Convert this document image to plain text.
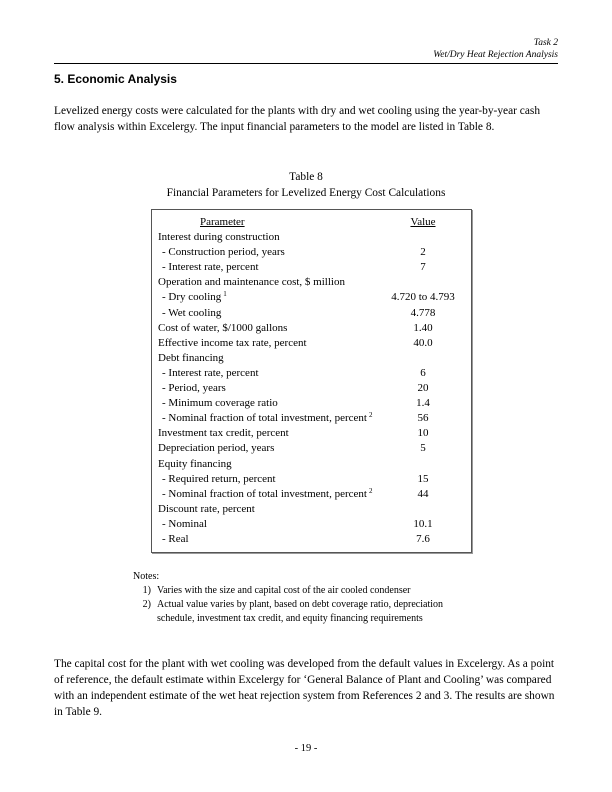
Task 2
Wet/Dry Heat Rejection Analysis
5. Economic Analysis
Levelized energy costs were calculated for the plants with dry and wet cooling using the year-by-year cash flow analysis within Excelergy. The input financial parameters to the model are listed in Table 8.
Table 8
Financial Parameters for Levelized Energy Cost Calculations
Parameter	Value
Interest during construction
- Construction period, years	2
- Interest rate, percent	7
Operation and maintenance cost, $ million
- Dry cooling $^1$	4.720 to 4.793
- Wet cooling	4.778
Cost of water, $/1000 gallons	1.40
Effective income tax rate, percent	40.0
Debt financing
- Interest rate, percent	6
- Period, years	20
- Minimum coverage ratio	1.4
- Nominal fraction of total investment, percent $^2$	56
Investment tax credit, percent	10
Depreciation period, years	5
Equity financing
- Required return, percent	15
- Nominal fraction of total investment, percent $^2$	44
Discount rate, percent
- Nominal	10.1
- Real	7.6
Notes:
1) Varies with the size and capital cost of the air cooled condenser
2) Actual value varies by plant, based on debt coverage ratio, depreciation schedule, investment tax credit, and equity financing requirements
The capital cost for the plant with wet cooling was developed from the default values in Excelergy. As a point of reference, the default estimate within Excelergy for ‘General Balance of Plant and Cooling’ was compared with an independent estimate of the wet heat rejection system from References 2 and 3. The results are shown in Table 9.
- 19 -
